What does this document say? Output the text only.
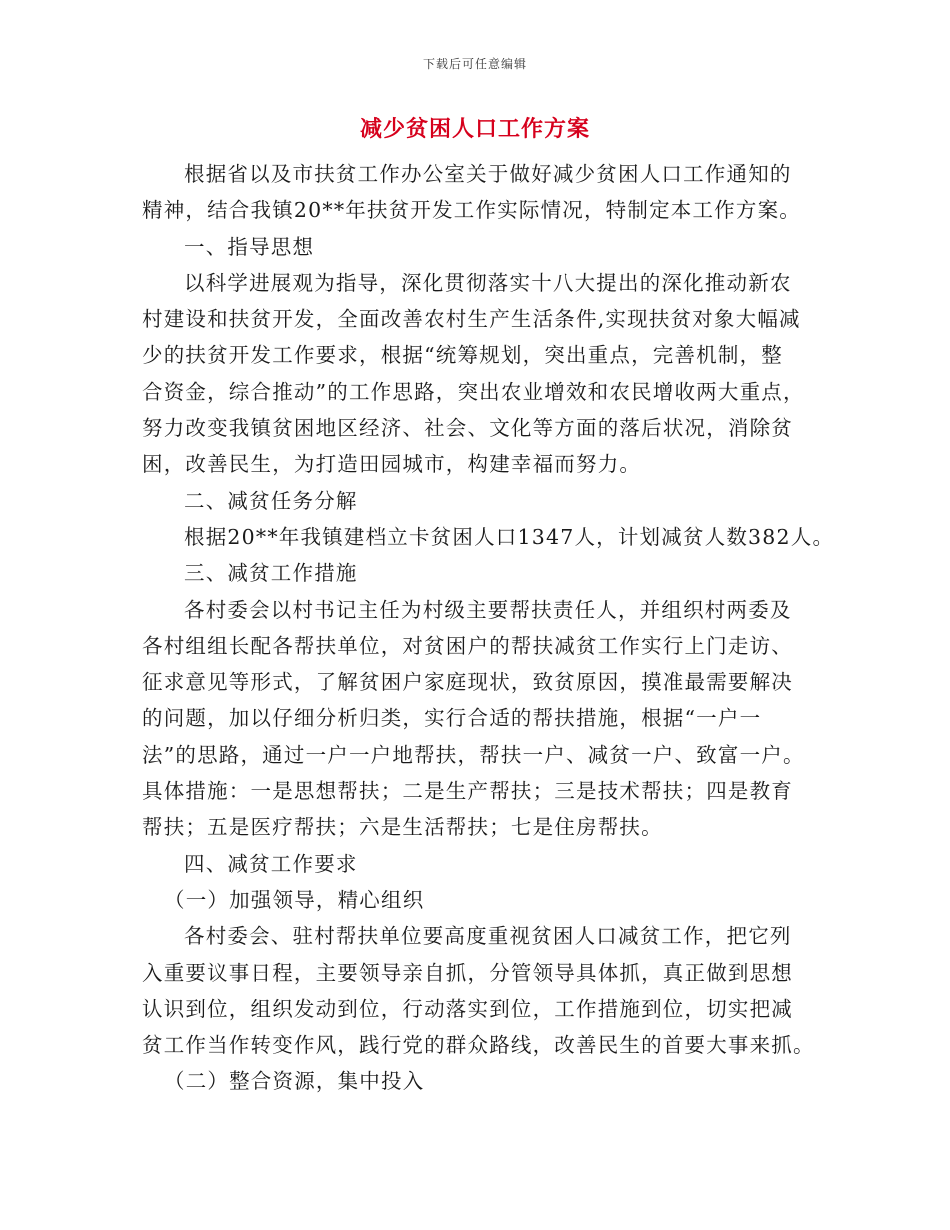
下载后可任意编辑
减少贫困人口工作方案
根据省以及市扶贫工作办公室关于做好减少贫困人口工作通知的
精神，结合我镇20**年扶贫开发工作实际情况，特制定本工作方案。
一、指导思想
以科学进展观为指导，深化贯彻落实十八大提出的深化推动新农
村建设和扶贫开发，全面改善农村生产生活条件,实现扶贫对象大幅减
少的扶贫开发工作要求，根据“统筹规划，突出重点，完善机制，整
合资金，综合推动”的工作思路，突出农业增效和农民增收两大重点，
努力改变我镇贫困地区经济、社会、文化等方面的落后状况，消除贫
困，改善民生，为打造田园城市，构建幸福而努力。
二、减贫任务分解
根据20**年我镇建档立卡贫困人口1347人，计划减贫人数382人。
三、减贫工作措施
各村委会以村书记主任为村级主要帮扶责任人，并组织村两委及
各村组组长配各帮扶单位，对贫困户的帮扶减贫工作实行上门走访、
征求意见等形式，了解贫困户家庭现状，致贫原因，摸准最需要解决
的问题，加以仔细分析归类，实行合适的帮扶措施，根据“一户一
法”的思路，通过一户一户地帮扶，帮扶一户、减贫一户、致富一户。
具体措施：一是思想帮扶；二是生产帮扶；三是技术帮扶；四是教育
帮扶；五是医疗帮扶；六是生活帮扶；七是住房帮扶。
四、减贫工作要求
（一）加强领导，精心组织
各村委会、驻村帮扶单位要高度重视贫困人口减贫工作，把它列
入重要议事日程，主要领导亲自抓，分管领导具体抓，真正做到思想
认识到位，组织发动到位，行动落实到位，工作措施到位，切实把减
贫工作当作转变作风，践行党的群众路线，改善民生的首要大事来抓。
（二）整合资源，集中投入
